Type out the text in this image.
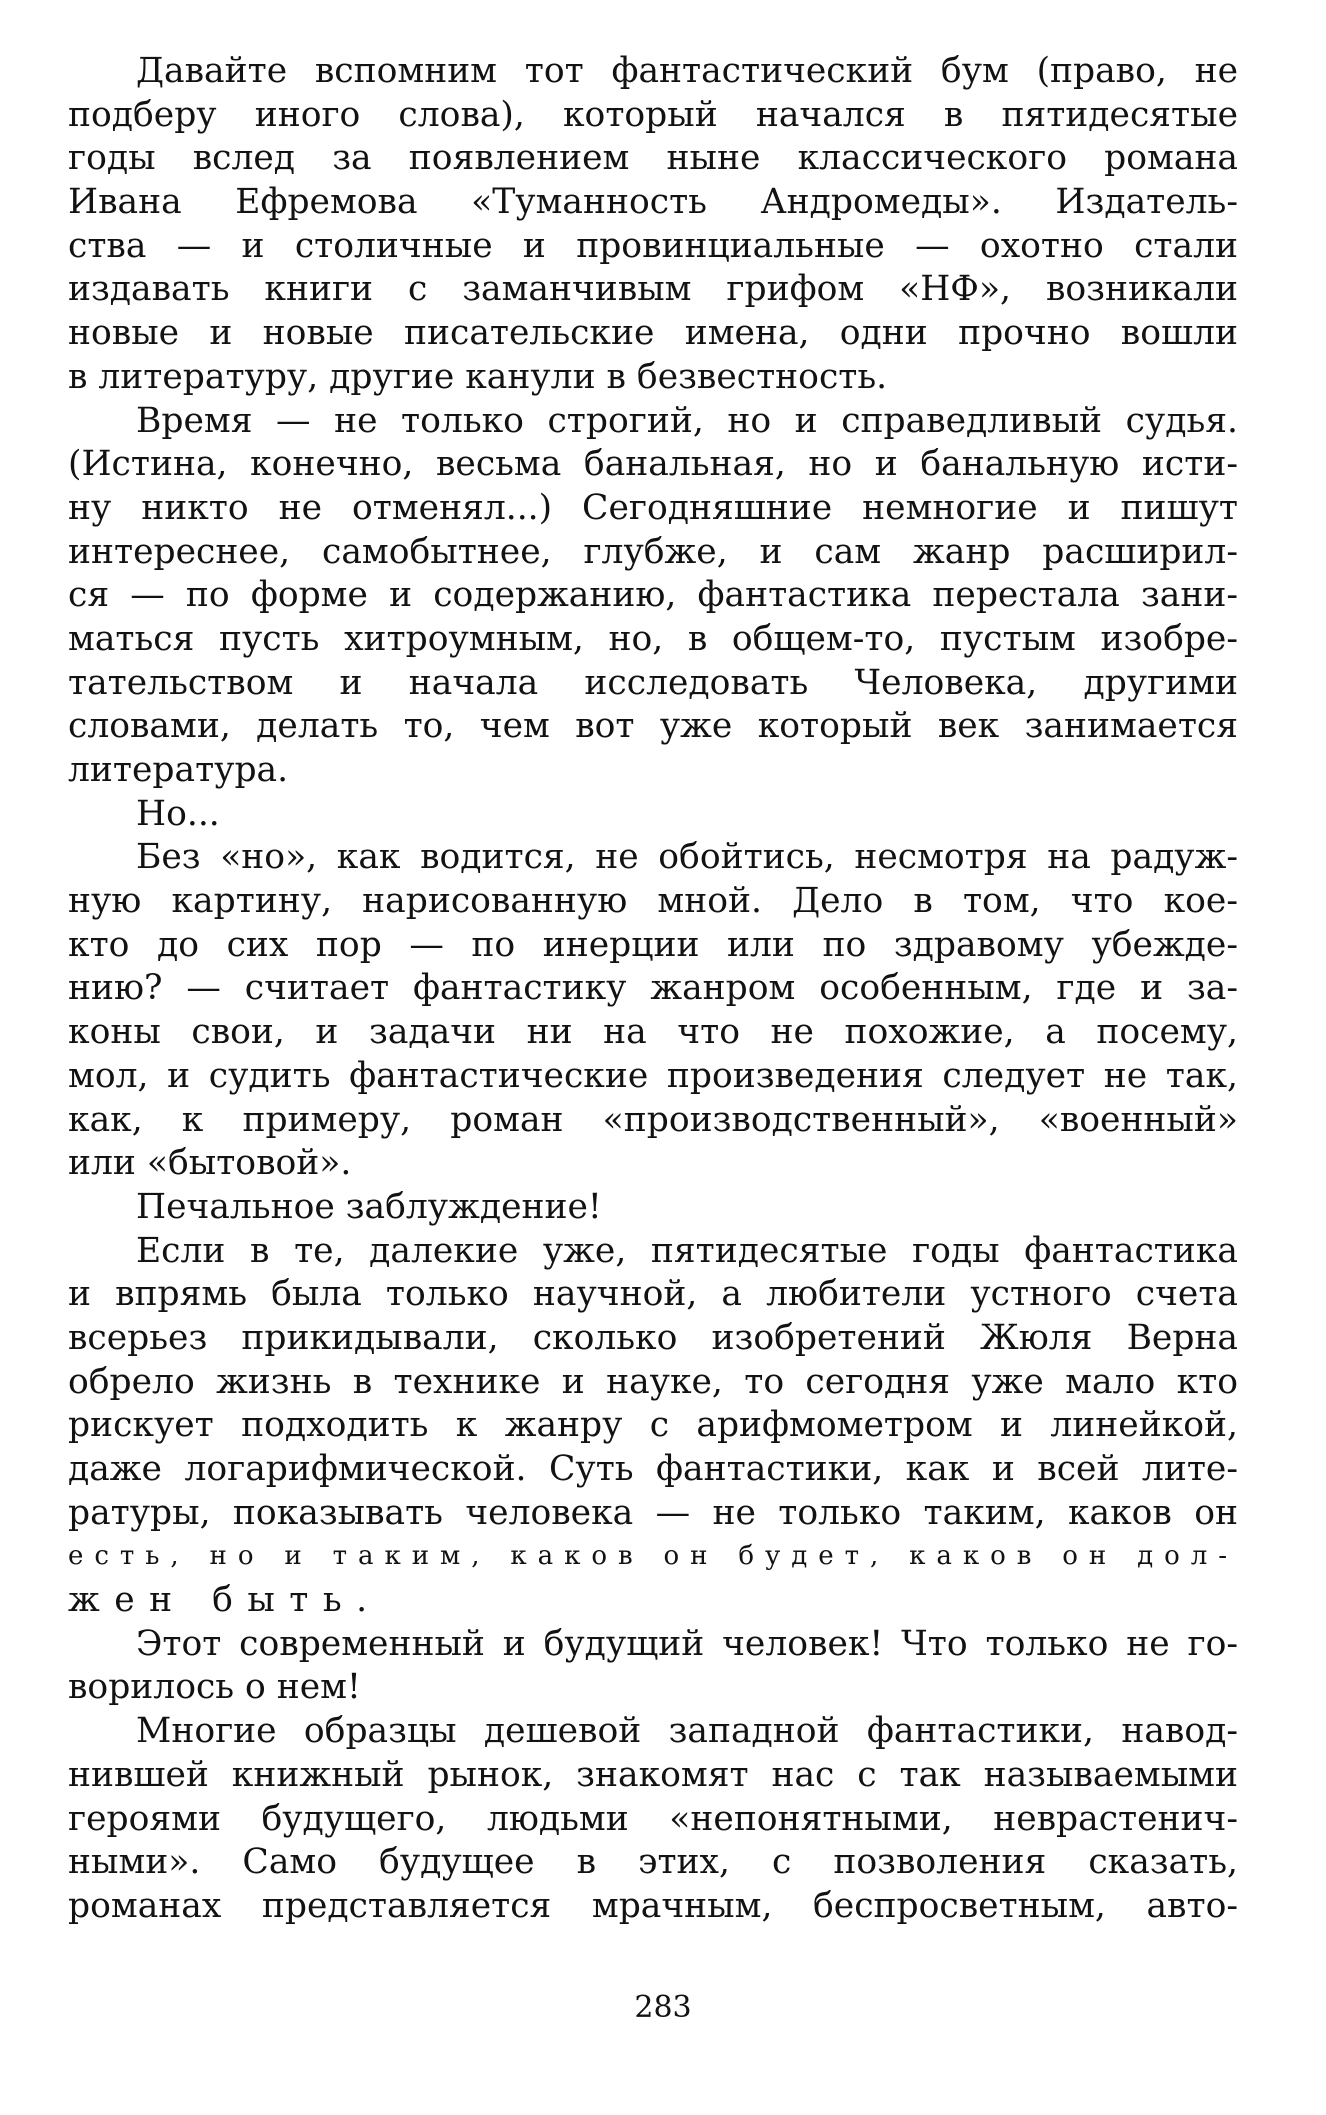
Давайте вспомним тот фантастический бум (право, не
подберу иного слова), который начался в пятидесятые
годы вслед за появлением ныне классического романа
Ивана Ефремова «Туманность Андромеды». Издатель-
ства — и столичные и провинциальные — охотно стали
издавать книги с заманчивым грифом «НФ», возникали
новые и новые писательские имена, одни прочно вошли
в литературу, другие канули в безвестность.
Время — не только строгий, но и справедливый судья.
(Истина, конечно, весьма банальная, но и банальную исти-
ну никто не отменял...) Сегодняшние немногие и пишут
интереснее, самобытнее, глубже, и сам жанр расширил-
ся — по форме и содержанию, фантастика перестала зани-
маться пусть хитроумным, но, в общем-то, пустым изобре-
тательством и начала исследовать Человека, другими
словами, делать то, чем вот уже который век занимается
литература.
Но...
Без «но», как водится, не обойтись, несмотря на радуж-
ную картину, нарисованную мной. Дело в том, что кое-
кто до сих пор — по инерции или по здравому убежде-
нию? — считает фантастику жанром особенным, где и за-
коны свои, и задачи ни на что не похожие, а посему,
мол, и судить фантастические произведения следует не так,
как, к примеру, роман «производственный», «военный»
или «бытовой».
Печальное заблуждение!
Если в те, далекие уже, пятидесятые годы фантастика
и впрямь была только научной, а любители устного счета
всерьез прикидывали, сколько изобретений Жюля Верна
обрело жизнь в технике и науке, то сегодня уже мало кто
рискует подходить к жанру с арифмометром и линейкой,
даже логарифмической. Суть фантастики, как и всей лите-
ратуры, показывать человека — не только таким, каков он
есть, но и таким, каков он будет, каков он дол-
жен быть.
Этот современный и будущий человек! Что только не го-
ворилось о нем!
Многие образцы дешевой западной фантастики, навод-
нившей книжный рынок, знакомят нас с так называемыми
героями будущего, людьми «непонятными, неврастенич-
ными». Само будущее в этих, с позволения сказать,
романах представляется мрачным, беспросветным, авто-
283
